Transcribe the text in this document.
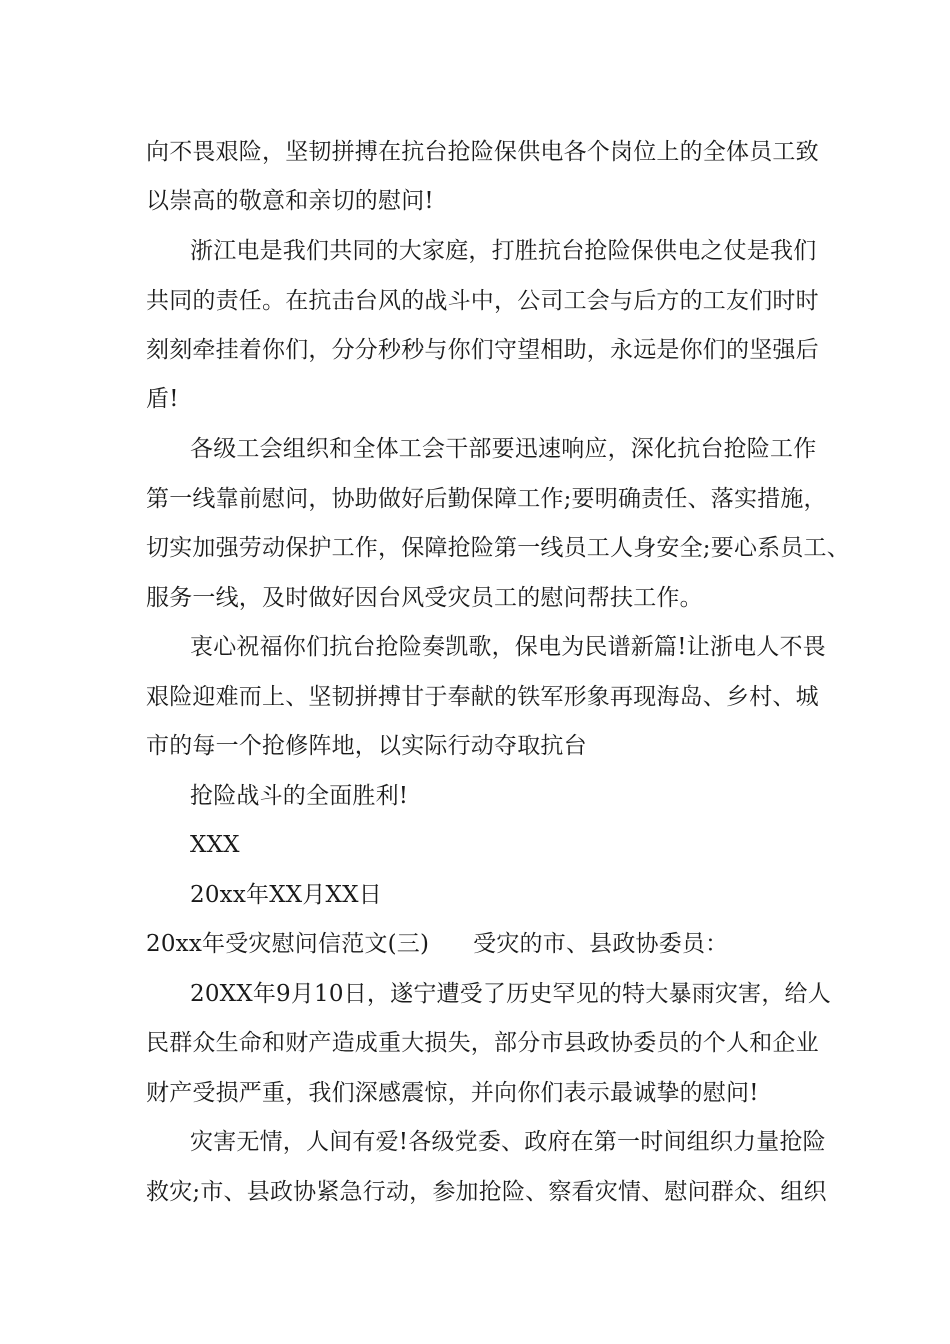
向不畏艰险，坚韧拼搏在抗台抢险保供电各个岗位上的全体员工致
以崇高的敬意和亲切的慰问!
浙江电是我们共同的大家庭，打胜抗台抢险保供电之仗是我们
共同的责任。在抗击台风的战斗中，公司工会与后方的工友们时时
刻刻牵挂着你们，分分秒秒与你们守望相助，永远是你们的坚强后
盾!
各级工会组织和全体工会干部要迅速响应，深化抗台抢险工作
第一线靠前慰问，协助做好后勤保障工作;要明确责任、落实措施，
切实加强劳动保护工作，保障抢险第一线员工人身安全;要心系员工、
服务一线，及时做好因台风受灾员工的慰问帮扶工作。
衷心祝福你们抗台抢险奏凯歌，保电为民谱新篇!让浙电人不畏
艰险迎难而上、坚韧拼搏甘于奉献的铁军形象再现海岛、乡村、城
市的每一个抢修阵地，以实际行动夺取抗台
抢险战斗的全面胜利!
XXX
20xx年XX月XX日
20xx年受灾慰问信范文(三) 受灾的市、县政协委员：
20XX年9月10日，遂宁遭受了历史罕见的特大暴雨灾害，给人
民群众生命和财产造成重大损失，部分市县政协委员的个人和企业
财产受损严重，我们深感震惊，并向你们表示最诚挚的慰问!
灾害无情，人间有爱!各级党委、政府在第一时间组织力量抢险
救灾;市、县政协紧急行动，参加抢险、察看灾情、慰问群众、组织
